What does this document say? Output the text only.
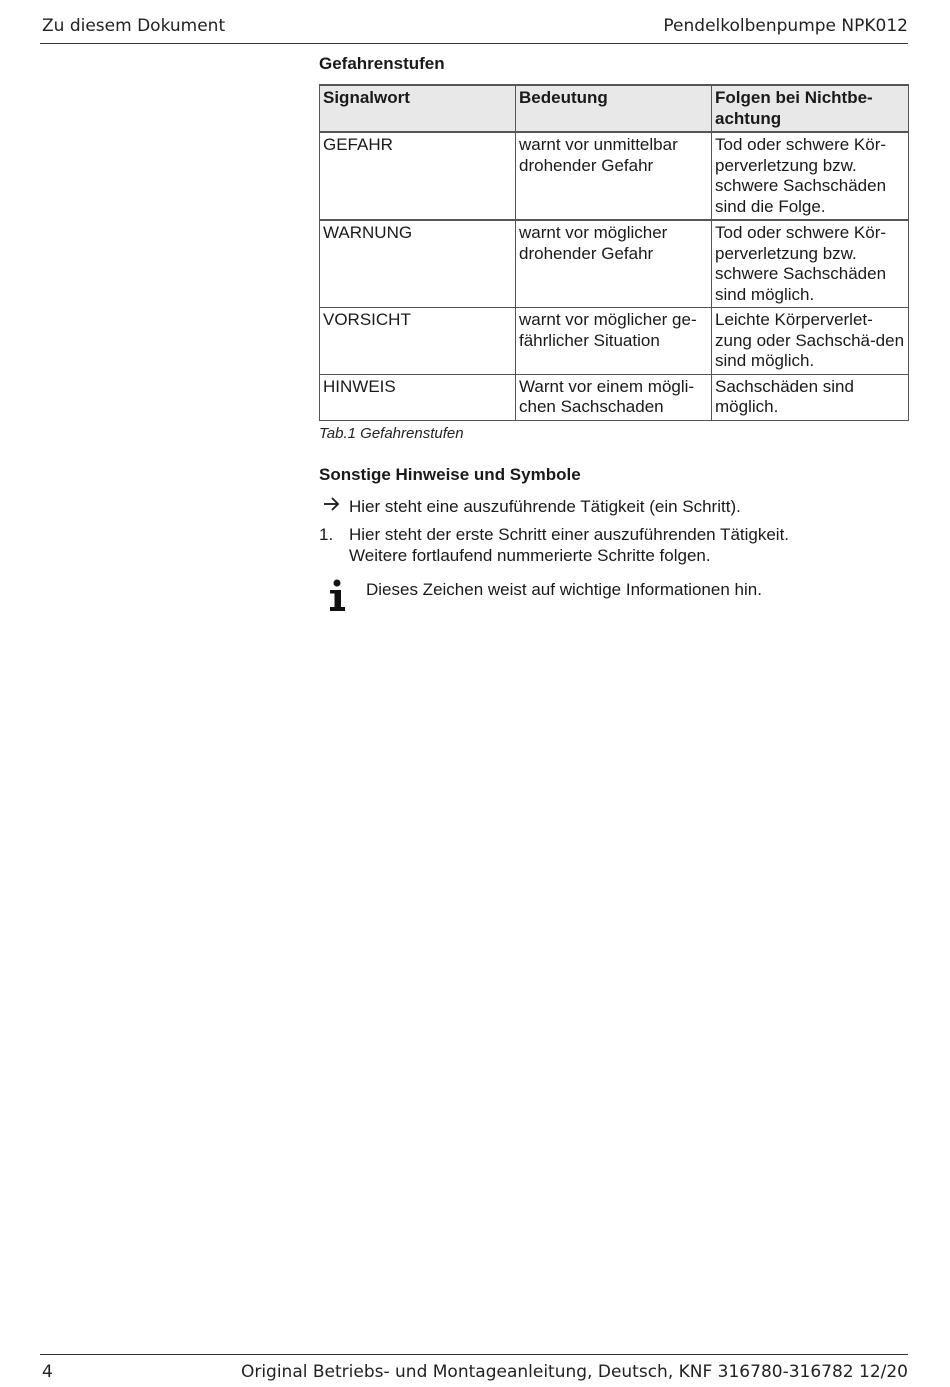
Zu diesem Dokument	Pendelkolbenpumpe NPK012
Gefahrenstufen
Signalwort	Bedeutung	Folgen bei Nichtbe-achtung
GEFAHR	warnt vor unmittelbar drohender Gefahr	Tod oder schwere Kör-perverletzung bzw. schwere Sachschäden sind die Folge.
WARNUNG	warnt vor möglicher drohender Gefahr	Tod oder schwere Kör-perverletzung bzw. schwere Sachschäden sind möglich.
VORSICHT	warnt vor möglicher ge-fährlicher Situation	Leichte Körperverlet-zung oder Sachschä-den sind möglich.
HINWEIS	Warnt vor einem mögli-chen Sachschaden	Sachschäden sind möglich.
Tab.1 Gefahrenstufen
Sonstige Hinweise und Symbole
Hier steht eine auszuführende Tätigkeit (ein Schritt).
1. Hier steht der erste Schritt einer auszuführenden Tätigkeit.
Weitere fortlaufend nummerierte Schritte folgen.
Dieses Zeichen weist auf wichtige Informationen hin.
4	Original Betriebs- und Montageanleitung, Deutsch, KNF 316780-316782 12/20
